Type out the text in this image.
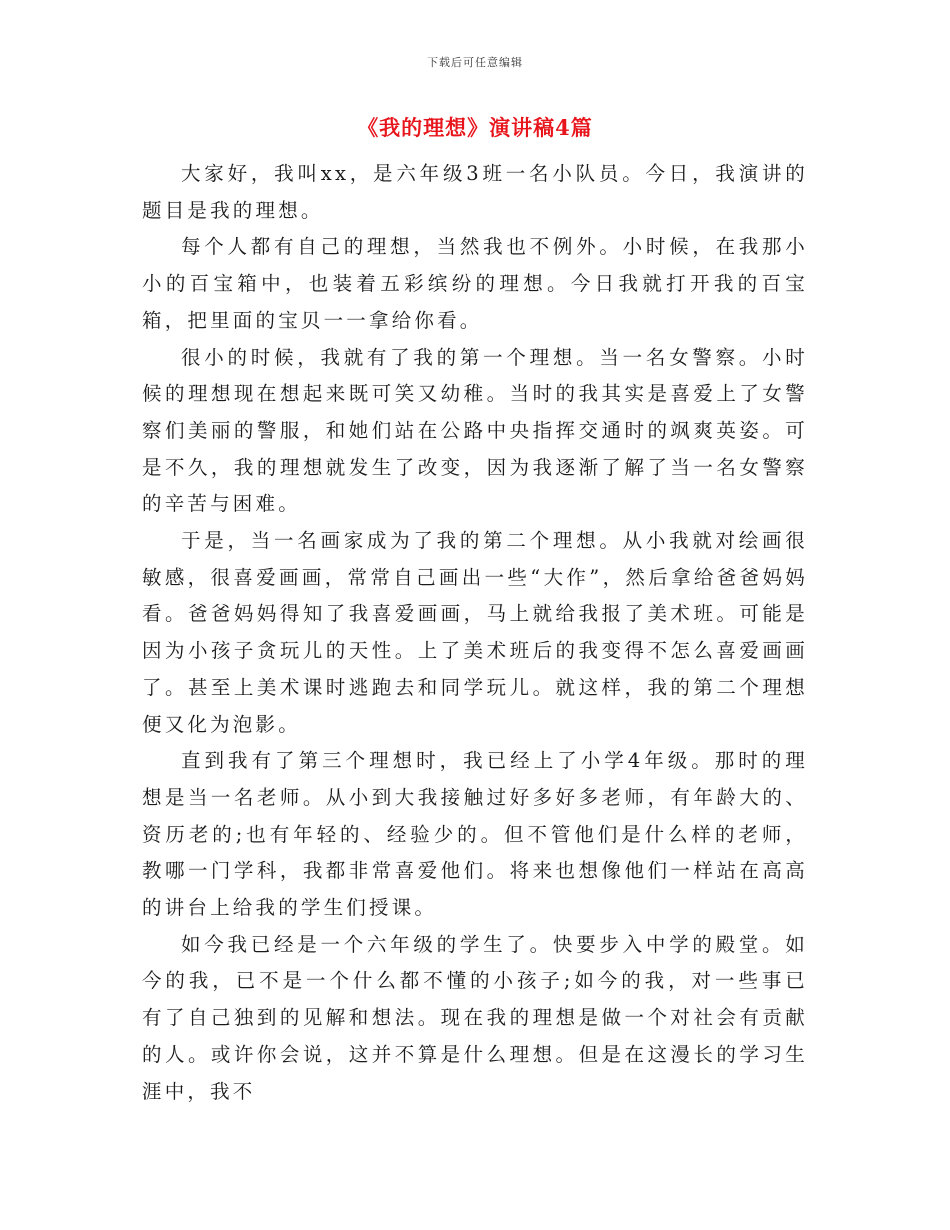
下载后可任意编辑
《我的理想》演讲稿4篇

大家好，我叫xx，是六年级3班一名小队员。今日，我演讲的题目是我的理想。

每个人都有自己的理想，当然我也不例外。小时候，在我那小小的百宝箱中，也装着五彩缤纷的理想。今日我就打开我的百宝箱，把里面的宝贝一一拿给你看。

很小的时候，我就有了我的第一个理想。当一名女警察。小时候的理想现在想起来既可笑又幼稚。当时的我其实是喜爱上了女警察们美丽的警服，和她们站在公路中央指挥交通时的飒爽英姿。可是不久，我的理想就发生了改变，因为我逐渐了解了当一名女警察的辛苦与困难。

于是，当一名画家成为了我的第二个理想。从小我就对绘画很敏感，很喜爱画画，常常自己画出一些“大作”，然后拿给爸爸妈妈看。爸爸妈妈得知了我喜爱画画，马上就给我报了美术班。可能是因为小孩子贪玩儿的天性。上了美术班后的我变得不怎么喜爱画画了。甚至上美术课时逃跑去和同学玩儿。就这样，我的第二个理想便又化为泡影。

直到我有了第三个理想时，我已经上了小学4年级。那时的理想是当一名老师。从小到大我接触过好多好多老师，有年龄大的、资历老的;也有年轻的、经验少的。但不管他们是什么样的老师，教哪一门学科，我都非常喜爱他们。将来也想像他们一样站在高高的讲台上给我的学生们授课。

如今我已经是一个六年级的学生了。快要步入中学的殿堂。如今的我，已不是一个什么都不懂的小孩子;如今的我，对一些事已有了自己独到的见解和想法。现在我的理想是做一个对社会有贡献的人。或许你会说，这并不算是什么理想。但是在这漫长的学习生涯中，我不
